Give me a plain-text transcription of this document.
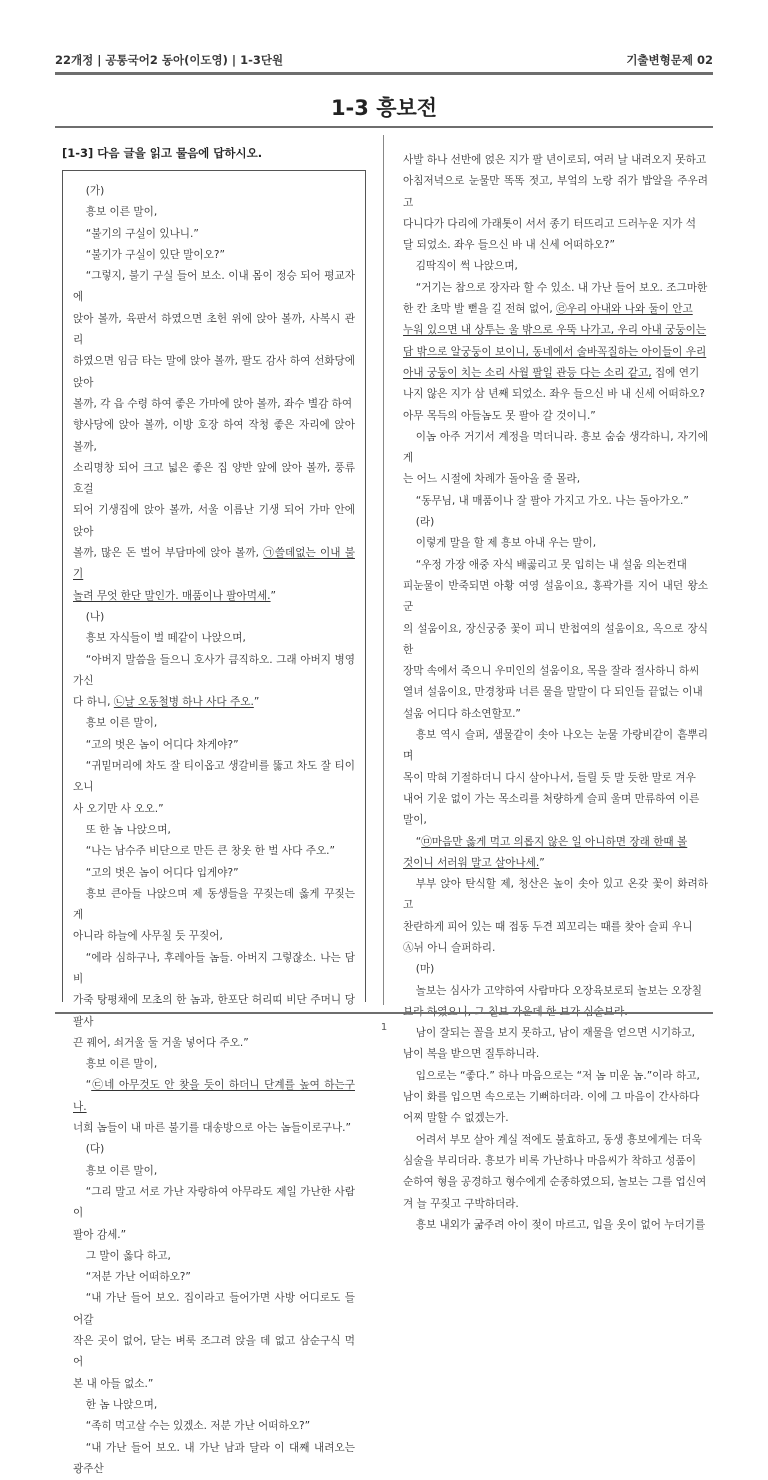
22개정 | 공통국어2 동아(이도영) | 1-3단원	기출변형문제 02
1-3 흥보전
[1-3] 다음 글을 읽고 물음에 답하시오.

(가)

흥보 이른 말이,

“불기의 구실이 있나니.”

“불기가 구실이 있단 말이오?”

“그렇지, 불기 구실 들어 보소. 이내 몸이 정승 되어 평교자에

앉아 볼까, 육판서 하였으면 초헌 위에 앉아 볼까, 사복시 관리

하였으면 임금 타는 말에 앉아 볼까, 팔도 감사 하여 선화당에 앉아

볼까, 각 읍 수령 하여 좋은 가마에 앉아 볼까, 좌수 별감 하여

향사당에 앉아 볼까, 이방 호장 하여 작청 좋은 자리에 앉아 볼까,

소리명창 되어 크고 넓은 좋은 집 양반 앞에 앉아 볼까, 풍류 호걸

되어 기생집에 앉아 볼까, 서울 이름난 기생 되어 가마 안에 앉아

볼까, 많은 돈 벌어 부담마에 앉아 볼까, ㉠쓸데없는 이내 불기

놀려 무엇 한단 말인가. 매품이나 팔아먹세.”

(나)

흥보 자식들이 벌 떼같이 나앉으며,

“아버지 말씀을 들으니 호사가 큼직하오. 그래 아버지 병영 가신

다 하니, ㉡날 오동철병 하나 사다 주오.”

흥보 이른 말이,

“고의 벗은 놈이 어디다 차게야?”

“귀밑머리에 차도 잘 티이옵고 생갈비를 뚫고 차도 잘 티이오니

사 오기만 사 오오.”

또 한 놈 나앉으며,

“나는 남수주 비단으로 만든 큰 창옷 한 벌 사다 주오.”

“고의 벗은 놈이 어디다 입게야?”

흥보 큰아들 나앉으며 제 동생들을 꾸짖는데 옳게 꾸짖는 게

아니라 하늘에 사무칠 듯 꾸짖어,

“에라 심하구나, 후레아들 놈들. 아버지 그렇잖소. 나는 담비

가죽 탕평채에 모초의 한 놈과, 한포단 허리띠 비단 주머니 당팔사

끈 꿰어, 쇠거울 둘 거울 넣어다 주오.”

흥보 이른 말이,

“㉢네 아무것도 안 찾을 듯이 하더니 단계를 높여 하는구나.

너희 놈들이 내 마른 불기를 대송방으로 아는 놈들이로구나.”

(다)

흥보 이른 말이,

“그리 말고 서로 가난 자랑하여 아무라도 제일 가난한 사람이

팔아 감세.”

그 말이 옳다 하고,

“저분 가난 어떠하오?”

“내 가난 들어 보오. 집이라고 들어가면 사방 어디로도 들어갈

작은 곳이 없어, 닫는 벼룩 조그려 앉을 데 없고 삼순구식 먹어

본 내 아들 없소.”

한 놈 나앉으며,

“족히 먹고살 수는 있겠소. 저분 가난 어떠하오?”

“내 가난 들어 보오. 내 가난 남과 달라 이 대째 내려오는 광주산

사발 하나 선반에 얹은 지가 팔 년이로되, 여러 날 내려오지 못하고

아침저녁으로 눈물만 똑똑 젓고, 부엌의 노랑 쥐가 밥알을 주우려고

다니다가 다리에 가래톳이 서서 종기 터뜨리고 드러누운 지가 석

달 되었소. 좌우 들으신 바 내 신세 어떠하오?”

김딱직이 썩 나앉으며,

“거기는 참으로 장자라 할 수 있소. 내 가난 들어 보오. 조그마한

한 칸 초막 발 뻗을 길 전혀 없어, ㉣우리 아내와 나와 둘이 안고

누워 있으면 내 상투는 울 밖으로 우뚝 나가고, 우리 아내 궁둥이는

담 밖으로 알궁둥이 보이니, 동네에서 술바꼭질하는 아이들이 우리

아내 궁둥이 치는 소리 사월 팔일 관등 다는 소리 같고, 집에 연기

나지 않은 지가 삼 년째 되었소. 좌우 들으신 바 내 신세 어떠하오?

아무 목득의 아들놈도 못 팔아 갈 것이니.”

이놈 아주 거기서 계정을 먹더니라. 흥보 숨숨 생각하니, 자기에게

는 어느 시절에 차례가 돌아올 줄 몰라,

“동무님, 내 매품이나 잘 팔아 가지고 가오. 나는 돌아가오.”

(라)

이렇게 말을 할 제 흥보 아내 우는 말이,

“우정 가장 애중 자식 배곯리고 못 입히는 내 설움 의논컨대

피눈물이 반죽되면 아황 여영 설움이요, 홍곽가를 지어 내던 왕소군

의 설움이요, 장신궁중 꽃이 피니 반첩여의 설움이요, 옥으로 장식한

장막 속에서 죽으니 우미인의 설움이요, 목을 잘라 절사하니 하씨

열녀 설움이요, 만경창파 너른 물을 말말이 다 되인들 끝없는 이내

설움 어디다 하소연할꼬.”

흥보 역시 슬퍼, 샘물같이 솟아 나오는 눈물 가랑비같이 흩뿌리며

목이 막혀 기절하더니 다시 살아나서, 들릴 듯 말 듯한 말로 겨우

내어 기운 없이 가는 목소리를 처량하게 슬피 울며 만류하여 이른

말이,

“㉤마음만 옳게 먹고 의롭지 않은 일 아니하면 장래 한때 볼

것이니 서러워 말고 살아나세.”

부부 앉아 탄식할 제, 청산은 높이 솟아 있고 온갖 꽃이 화려하고

찬란하게 피어 있는 때 접동 두견 꾀꼬리는 때를 찾아 슬피 우니

Ⓐ뉘 아니 슬퍼하리.

(마)

놀보는 심사가 고약하여 사람마다 오장육보로되 놀보는 오장칠

남이 잘되는 꼴을 보지 못하고, 남이 재물을 얻으면 시기하고,

남이 복을 받으면 질투하니라.

입으로는 “좋다.” 하나 마음으로는 “저 놈 미운 놈.”이라 하고,

남이 화를 입으면 속으로는 기뻐하더라. 이에 그 마음이 간사하다

어찌 말할 수 없겠는가.

어려서 부모 살아 계실 적에도 불효하고, 동생 흥보에게는 더욱

심술을 부리더라. 흥보가 비록 가난하나 마음씨가 착하고 성품이

순하여 형을 공경하고 형수에게 순종하였으되, 놀보는 그를 업신여

겨 늘 꾸짖고 구박하더라.

흥보 내외가 굶주려 아이 젖이 마르고, 입을 옷이 없어 누더기를

1
